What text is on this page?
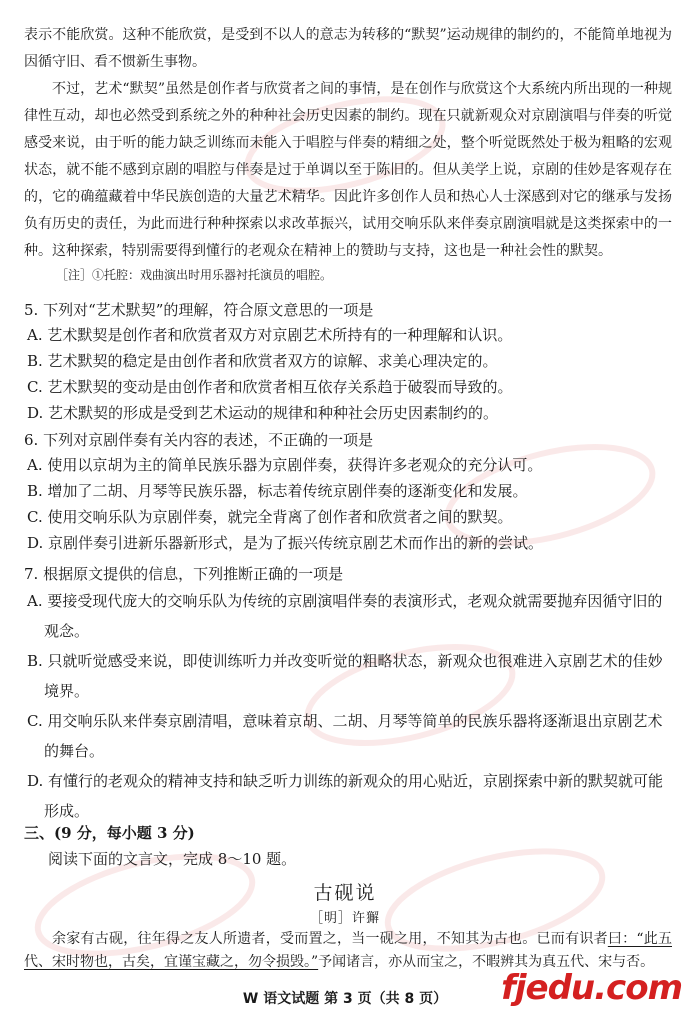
表示不能欣赏。这种不能欣赏，是受到不以人的意志为转移的“默契”运动规律的制约的，不能简单地视为因循守旧、看不惯新生事物。
不过，艺术“默契”虽然是创作者与欣赏者之间的事情，是在创作与欣赏这个大系统内所出现的一种规律性互动，却也必然受到系统之外的种种社会历史因素的制约。现在只就新观众对京剧演唱与伴奏的听觉感受来说，由于听的能力缺乏训练而未能入于唱腔与伴奏的精细之处，整个听觉既然处于极为粗略的宏观状态，就不能不感到京剧的唱腔与伴奏是过于单调以至于陈旧的。但从美学上说，京剧的佳妙是客观存在的，它的确蕴藏着中华民族创造的大量艺术精华。因此许多创作人员和热心人士深感到对它的继承与发扬负有历史的责任，为此而进行种种探索以求改革振兴，试用交响乐队来伴奏京剧演唱就是这类探索中的一种。这种探索，特别需要得到懂行的老观众在精神上的赞助与支持，这也是一种社会性的默契。
［注］①托腔：戏曲演出时用乐器衬托演员的唱腔。
5. 下列对“艺术默契”的理解，符合原文意思的一项是
A. 艺术默契是创作者和欣赏者双方对京剧艺术所持有的一种理解和认识。
B. 艺术默契的稳定是由创作者和欣赏者双方的谅解、求美心理决定的。
C. 艺术默契的变动是由创作者和欣赏者相互依存关系趋于破裂而导致的。
D. 艺术默契的形成是受到艺术运动的规律和种种社会历史因素制约的。
6. 下列对京剧伴奏有关内容的表述，不正确的一项是
A. 使用以京胡为主的简单民族乐器为京剧伴奏，获得许多老观众的充分认可。
B. 增加了二胡、月琴等民族乐器，标志着传统京剧伴奏的逐渐变化和发展。
C. 使用交响乐队为京剧伴奏，就完全背离了创作者和欣赏者之间的默契。
D. 京剧伴奏引进新乐器新形式，是为了振兴传统京剧艺术而作出的新的尝试。
7. 根据原文提供的信息，下列推断正确的一项是
A. 要接受现代庞大的交响乐队为传统的京剧演唱伴奏的表演形式，老观众就需要抛弃因循守旧的观念。
B. 只就听觉感受来说，即使训练听力并改变听觉的粗略状态，新观众也很难进入京剧艺术的佳妙境界。
C. 用交响乐队来伴奏京剧清唱，意味着京胡、二胡、月琴等简单的民族乐器将逐渐退出京剧艺术的舞台。
D. 有懂行的老观众的精神支持和缺乏听力训练的新观众的用心贴近，京剧探索中新的默契就可能形成。
三、(9 分，每小题 3 分)
阅读下面的文言文，完成 8～10 题。
古砚说
［明］许獬
余家有古砚，往年得之友人所遗者，受而置之，当一砚之用，不知其为古也。已而有识者曰：“此五代、宋时物也，古矣，宜谨宝藏之，勿令损毁。”予闻诸言，亦从而宝之，不暇辨其为真五代、宋与否。
W 语文试题 第 3 页（共 8 页）	fjedu.com
